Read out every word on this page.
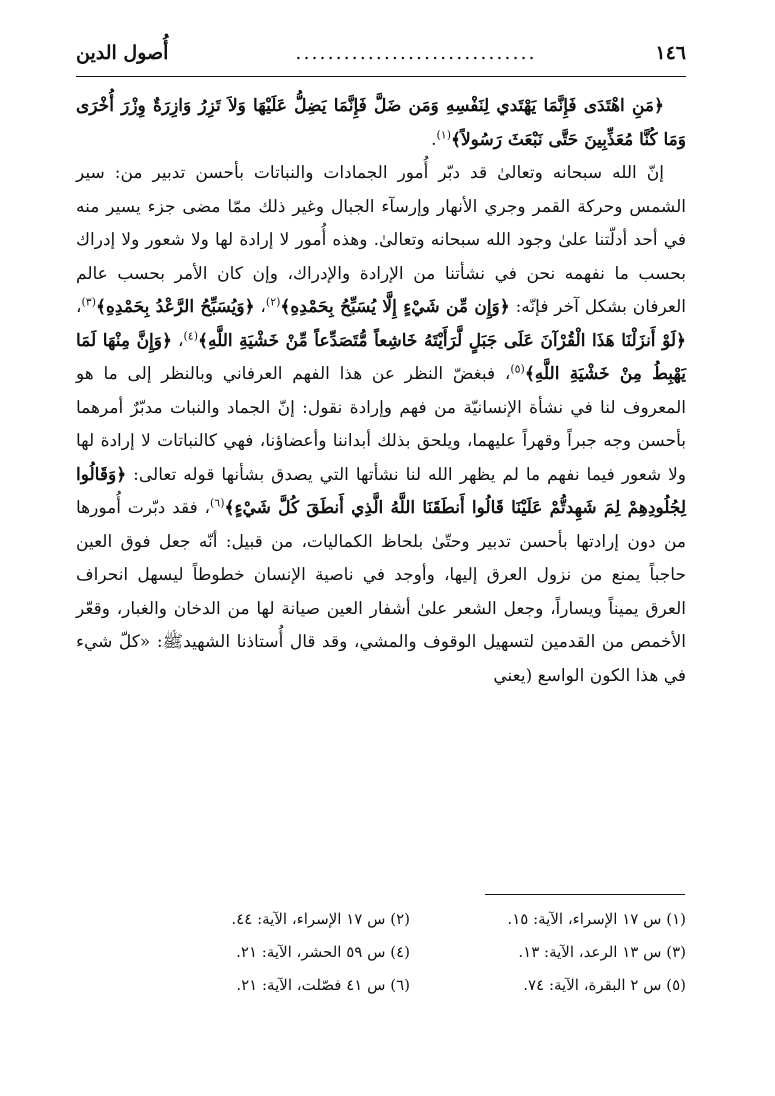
١٤٦
..............................
أُصول الدين

﴿مَنِ اهْتَدَى فَإِنَّمَا يَهْتَدي لِنَفْسِهِ وَمَن ضَلَّ فَإِنَّمَا يَضِلُّ عَلَيْهَا وَلاَ تَزِرُ وَازِرَةٌ وِزْرَ أُخْرَى وَمَا كُنَّا مُعَذِّبِينَ حَتَّى نَبْعَثَ رَسُولاً﴾$^{(١)}$.

إنّ الله سبحانه وتعالىٰ قد دبّر أُمور الجمادات والنباتات بأحسن تدبير من: سير الشمس وحركة القمر وجري الأنهار وإرسآء الجبال وغير ذلك ممّا مضى جزء يسير منه في أحد أدلّتنا علىٰ وجود الله سبحانه وتعالىٰ. وهذه أُمور لا إرادة لها ولا شعور ولا إدراك بحسب ما نفهمه نحن في نشأتنا من الإرادة والإدراك، وإن كان الأمر بحسب عالم العرفان بشكل آخر فإنّه: ﴿وَإِن مِّن شَيْءٍ إِلَّا يُسَبِّحُ بِحَمْدِهِ﴾$^{(٢)}$، ﴿وَيُسَبِّحُ الرَّعْدُ بِحَمْدِهِ﴾$^{(٣)}$، ﴿لَوْ أَنزَلْنَا هَذَا الْقُرْآنَ عَلَى جَبَلٍ لَّرَأَيْتَهُ خَاشِعاً مُّتَصَدِّعاً مِّنْ خَشْيَةِ اللَّهِ﴾$^{(٤)}$، ﴿وَإِنَّ مِنْهَا لَمَا يَهْبِطُ مِنْ خَشْيَةِ اللَّهِ﴾$^{(٥)}$، فبغضّ النظر عن هذا الفهم العرفاني وبالنظر إلى ما هو المعروف لنا في نشأة الإنسانيّة من فهم وإرادة نقول: إنّ الجماد والنبات مدبّرٌ أمرهما بأحسن وجه جبراً وقهراً عليهما، ويلحق بذلك أبداننا وأعضاؤنا، فهي كالنباتات لا إرادة لها ولا شعور فيما نفهم ما لم يظهر الله لنا نشأتها التي يصدق بشأنها قوله تعالى: ﴿وَقَالُوا لِجُلُودِهِمْ لِمَ شَهِدتُّمْ عَلَيْنَا قَالُوا أَنطَقَنَا اللَّهُ الَّذِي أَنطَقَ كُلَّ شَيْءٍ﴾$^{(٦)}$، فقد دبّرت أُمورها من دون إرادتها بأحسن تدبير وحتّىٰ بلحاظ الكماليات، من قبيل: أنّه جعل فوق العين حاجباً يمنع من نزول العرق إليها، وأوجد في ناصية الإنسان خطوطاً ليسهل انحراف العرق يميناً ويساراً، وجعل الشعر علىٰ أشفار العين صيانة لها من الدخان والغبار، وقعّر الأخمص من القدمين لتسهيل الوقوف والمشي، وقد قال أُستاذنا الشهيد‎ﷺ: «كلّ شيء في هذا الكون الواسع (يعني

(١) س ١٧ الإسراء، الآية: ١٥.
(٢) س ١٧ الإسراء، الآية: ٤٤.
(٣) س ١٣ الرعد، الآية: ١٣.
(٤) س ٥٩ الحشر، الآية: ٢١.
(٥) س ٢ البقرة، الآية: ٧٤.
(٦) س ٤١ فصّلت، الآية: ٢١.
